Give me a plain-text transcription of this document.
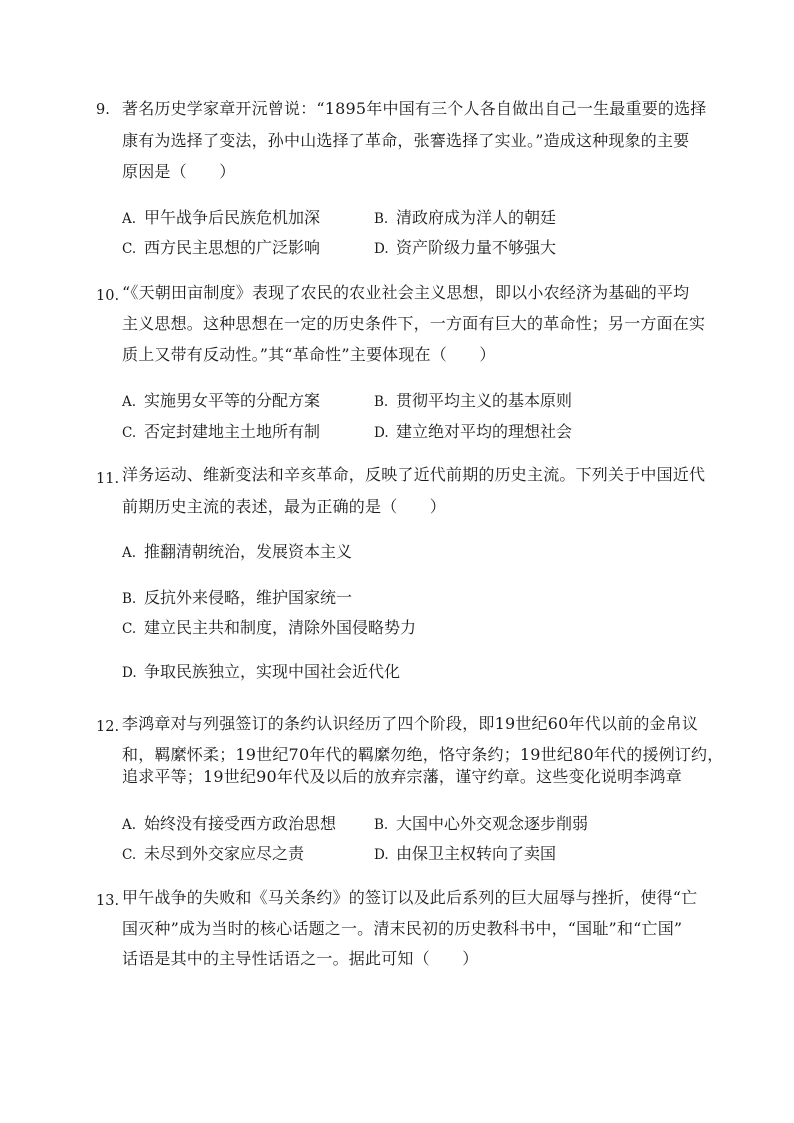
9. 著名历史学家章开沅曾说：“1895年中国有三个人各自做出自己一生最重要的选择
康有为选择了变法，孙中山选择了革命，张謇选择了实业。”造成这种现象的主要
原因是（　　）
A. 甲午战争后民族危机加深	B. 清政府成为洋人的朝廷
C. 西方民主思想的广泛影响	D. 资产阶级力量不够强大
10. “《天朝田亩制度》表现了农民的农业社会主义思想，即以小农经济为基础的平均
主义思想。这种思想在一定的历史条件下，一方面有巨大的革命性；另一方面在实
质上又带有反动性。”其“革命性”主要体现在（　　）
A. 实施男女平等的分配方案	B. 贯彻平均主义的基本原则
C. 否定封建地主土地所有制	D. 建立绝对平均的理想社会
11. 洋务运动、维新变法和辛亥革命，反映了近代前期的历史主流。下列关于中国近代
前期历史主流的表述，最为正确的是（　　）
A. 推翻清朝统治，发展资本主义
B. 反抗外来侵略，维护国家统一
C. 建立民主共和制度，清除外国侵略势力
D. 争取民族独立，实现中国社会近代化
12. 李鸿章对与列强签订的条约认识经历了四个阶段，即19世纪60年代以前的金帛议
和，羁縻怀柔；19世纪70年代的羁縻勿绝，恪守条约；19世纪80年代的援例订约，
追求平等；19世纪90年代及以后的放弃宗藩，谨守约章。这些变化说明李鸿章
A. 始终没有接受西方政治思想	B. 大国中心外交观念逐步削弱
C. 未尽到外交家应尽之责	D. 由保卫主权转向了卖国
13. 甲午战争的失败和《马关条约》的签订以及此后系列的巨大屈辱与挫折，使得“亡
国灭种”成为当时的核心话题之一。清末民初的历史教科书中，“国耻”和“亡国”
话语是其中的主导性话语之一。据此可知（　　）
